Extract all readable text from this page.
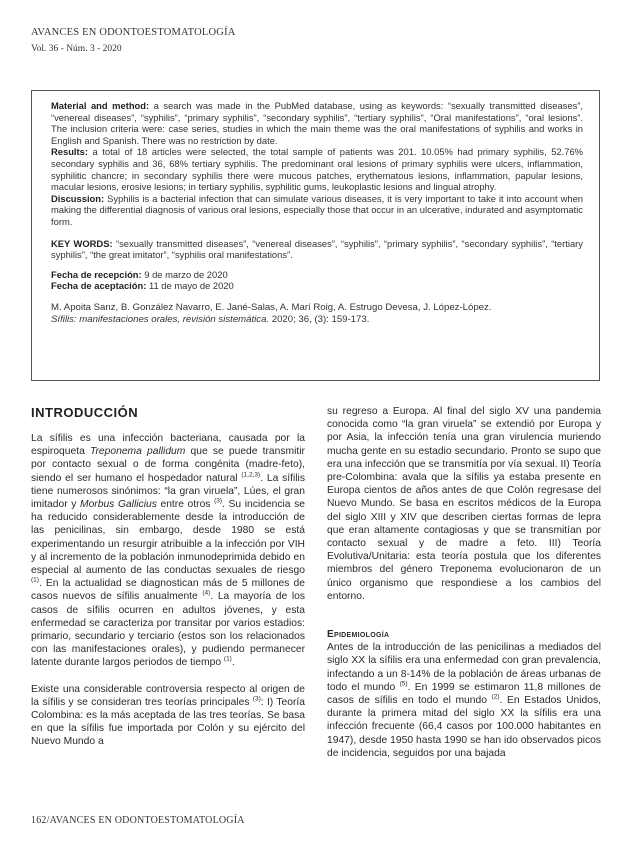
AVANCES EN ODONTOESTOMATOLOGÍA
Vol. 36 - Núm. 3 - 2020

Material and method: a search was made in the PubMed database, using as keywords: “sexually transmitted diseases”, “venereal diseases”, “syphilis”, “primary syphilis”, “secondary syphilis”, “tertiary syphilis”, “Oral manifestations”, “oral lesions”. The inclusion criteria were: case series, studies in which the main theme was the oral manifestations of syphilis and works in English and Spanish. There was no restriction by date.

Results: a total of 18 articles were selected, the total sample of patients was 201. 10.05% had primary syphilis, 52.76% secondary syphilis and 36, 68% tertiary syphilis. The predominant oral lesions of primary syphilis were ulcers, inflammation, syphilitic chancre; in secondary syphilis there were mucous patches, erythematous lesions, inflammation, papular lesions, macular lesions, erosive lesions; in tertiary syphilis, syphilitic gums, leukoplastic lesions and lingual atrophy.

Discussion: Syphilis is a bacterial infection that can simulate various diseases, it is very important to take it into account when making the differential diagnosis of various oral lesions, especially those that occur in an ulcerative, indurated and asymptomatic form.

KEY WORDS: “sexually transmitted diseases”, “venereal diseases”, “syphilis”, “primary syphilis”, “secondary syphilis”, “tertiary syphilis”, “the great imitator”, “syphilis oral manifestations”.

Fecha de recepción: 9 de marzo de 2020

Fecha de aceptación: 11 de mayo de 2020

M. Apoita Sanz, B. González Navarro, E. Jané-Salas, A. Marí Roig, A. Estrugo Devesa, J. López-López.
Sífilis: manifestaciones orales, revisión sistemática. 2020; 36, (3): 159-173.

INTRODUCCIÓN

La sífilis es una infección bacteriana, causada por la espiroqueta Treponema pallidum que se puede transmitir por contacto sexual o de forma congénita (madre-feto), siendo el ser humano el hospedador natural $^{(1,2,3)}$. La sífilis tiene numerosos sinónimos: “la gran viruela”, Lúes, el gran imitador y Morbus Gallicius entre otros $^{(3)}$. Su incidencia se ha reducido considerablemente desde la introducción de las penicilinas, sin embargo, desde 1980 se está experimentando un resurgir atribuible a la infección por VIH y al incremento de la población inmunodeprimida debido en especial al aumento de las conductas sexuales de riesgo $^{(1)}$. En la actualidad se diagnostican más de 5 millones de casos nuevos de sífilis anualmente $^{(4)}$. La mayoría de los casos de sífilis ocurren en adultos jóvenes, y esta enfermedad se caracteriza por transitar por varios estadios: primario, secundario y terciario (estos son los relacionados con las manifestaciones orales), y pudiendo permanecer latente durante largos periodos de tiempo $^{(1)}$.

Existe una considerable controversia respecto al origen de la sífilis y se consideran tres teorías principales $^{(3)}$: I) Teoría Colombina: es la más aceptada de las tres teorías. Se basa en que la sífilis fue importada por Colón y su ejército del Nuevo Mundo a

su regreso a Europa. Al final del siglo XV una pandemia conocida como “la gran viruela” se extendió por Europa y por Asia, la infección tenía una gran virulencia muriendo mucha gente en su estadio secundario. Pronto se supo que era una infección que se transmitía por vía sexual. II) Teoría pre-Colombina: avala que la sífilis ya estaba presente en Europa cientos de años antes de que Colón regresase del Nuevo Mundo. Se basa en escritos médicos de la Europa del siglo XIII y XIV que describen ciertas formas de lepra que eran altamente contagiosas y que se transmitían por contacto sexual y de madre a feto. III) Teoría Evolutiva/Unitaria: esta teoría postula que los diferentes miembros del género Treponema evolucionaron de un único organismo que respondiese a los cambios del entorno.

Epidemiología

Antes de la introducción de las penicilinas a mediados del siglo XX la sífilis era una enfermedad con gran prevalencia, infectando a un 8-14% de la población de áreas urbanas de todo el mundo $^{(5)}$. En 1999 se estimaron 11,8 millones de casos de sífilis en todo el mundo $^{(2)}$. En Estados Unidos, durante la primera mitad del siglo XX la sífilis era una infección frecuente (66,4 casos por 100.000 habitantes en 1947), desde 1950 hasta 1990 se han ido observados picos de incidencia, seguidos por una bajada

162/AVANCES EN ODONTOESTOMATOLOGÍA
